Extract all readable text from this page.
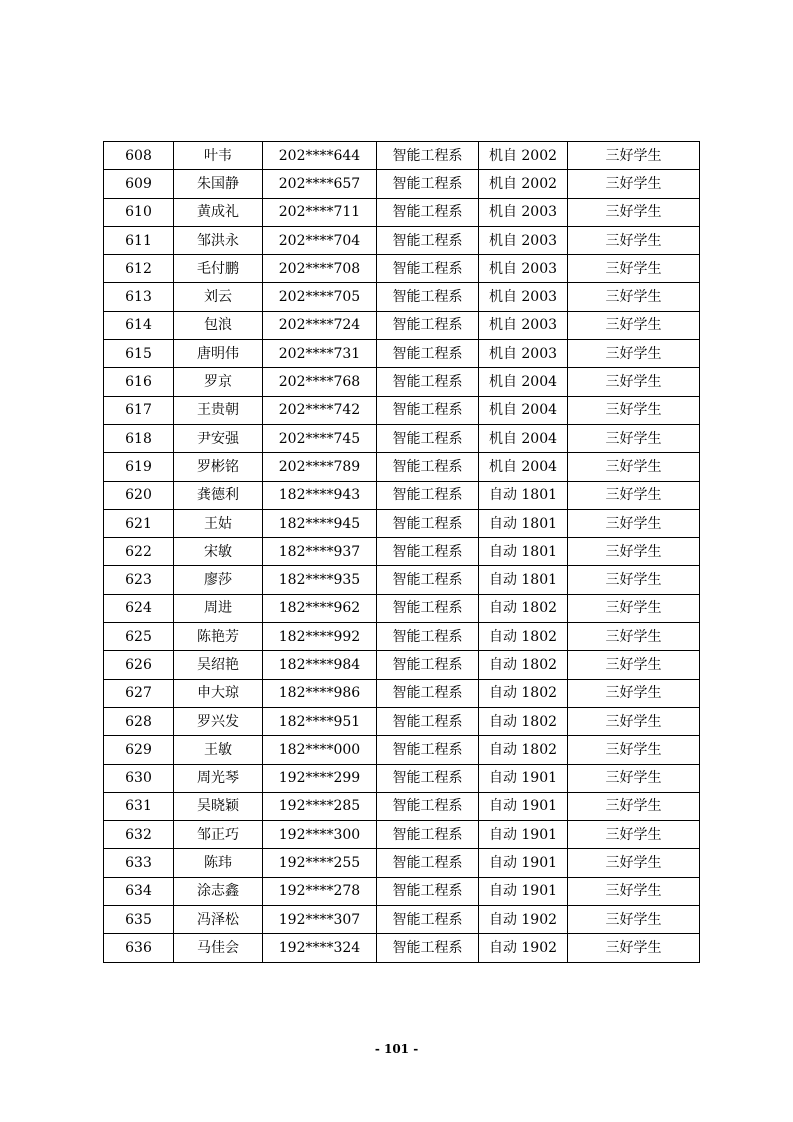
608	叶韦	202****644	智能工程系	机自 2002	三好学生
609	朱国静	202****657	智能工程系	机自 2002	三好学生
610	黄成礼	202****711	智能工程系	机自 2003	三好学生
611	邹洪永	202****704	智能工程系	机自 2003	三好学生
612	毛付鹏	202****708	智能工程系	机自 2003	三好学生
613	刘云	202****705	智能工程系	机自 2003	三好学生
614	包浪	202****724	智能工程系	机自 2003	三好学生
615	唐明伟	202****731	智能工程系	机自 2003	三好学生
616	罗京	202****768	智能工程系	机自 2004	三好学生
617	王贵朝	202****742	智能工程系	机自 2004	三好学生
618	尹安强	202****745	智能工程系	机自 2004	三好学生
619	罗彬铭	202****789	智能工程系	机自 2004	三好学生
620	龚德利	182****943	智能工程系	自动 1801	三好学生
621	王姑	182****945	智能工程系	自动 1801	三好学生
622	宋敏	182****937	智能工程系	自动 1801	三好学生
623	廖莎	182****935	智能工程系	自动 1801	三好学生
624	周进	182****962	智能工程系	自动 1802	三好学生
625	陈艳芳	182****992	智能工程系	自动 1802	三好学生
626	吴绍艳	182****984	智能工程系	自动 1802	三好学生
627	申大琼	182****986	智能工程系	自动 1802	三好学生
628	罗兴发	182****951	智能工程系	自动 1802	三好学生
629	王敏	182****000	智能工程系	自动 1802	三好学生
630	周光琴	192****299	智能工程系	自动 1901	三好学生
631	吴晓颖	192****285	智能工程系	自动 1901	三好学生
632	邹正巧	192****300	智能工程系	自动 1901	三好学生
633	陈玮	192****255	智能工程系	自动 1901	三好学生
634	涂志鑫	192****278	智能工程系	自动 1901	三好学生
635	冯泽松	192****307	智能工程系	自动 1902	三好学生
636	马佳会	192****324	智能工程系	自动 1902	三好学生
- 101 -
